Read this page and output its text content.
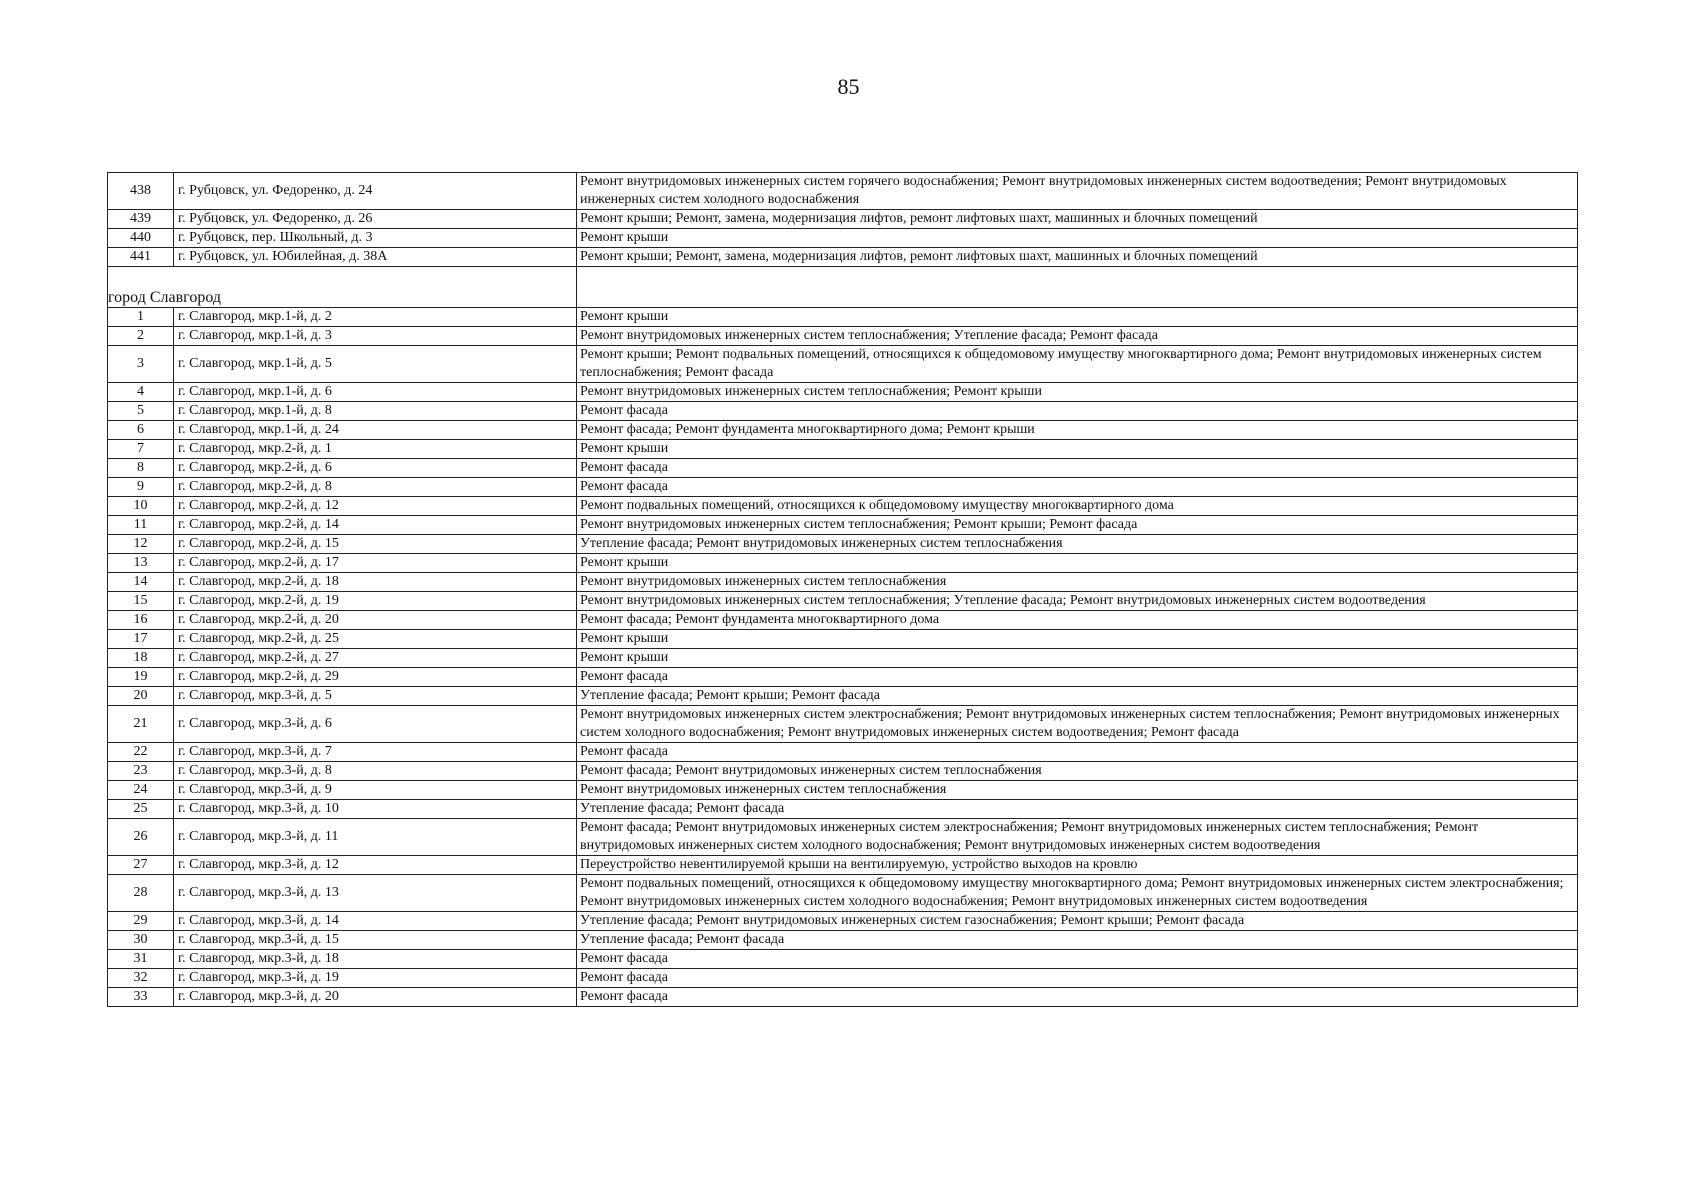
85
438	г. Рубцовск, ул. Федоренко, д. 24	Ремонт внутридомовых инженерных систем горячего водоснабжения; Ремонт внутридомовых инженерных систем водоотведения; Ремонт внутридомовых инженерных систем холодного водоснабжения
439	г. Рубцовск, ул. Федоренко, д. 26	Ремонт крыши; Ремонт, замена, модернизация лифтов, ремонт лифтовых шахт, машинных и блочных помещений
440	г. Рубцовск, пер. Школьный, д. 3	Ремонт крыши
441	г. Рубцовск, ул. Юбилейная, д. 38А	Ремонт крыши; Ремонт, замена, модернизация лифтов, ремонт лифтовых шахт, машинных и блочных помещений

город Славгород		
1	г. Славгород, мкр.1-й, д. 2	Ремонт крыши
2	г. Славгород, мкр.1-й, д. 3	Ремонт внутридомовых инженерных систем теплоснабжения; Утепление фасада; Ремонт фасада
3	г. Славгород, мкр.1-й, д. 5	Ремонт крыши; Ремонт подвальных помещений, относящихся к общедомовому имуществу многоквартирного дома; Ремонт внутридомовых инженерных систем теплоснабжения; Ремонт фасада
4	г. Славгород, мкр.1-й, д. 6	Ремонт внутридомовых инженерных систем теплоснабжения; Ремонт крыши
5	г. Славгород, мкр.1-й, д. 8	Ремонт фасада
6	г. Славгород, мкр.1-й, д. 24	Ремонт фасада; Ремонт фундамента многоквартирного дома; Ремонт крыши
7	г. Славгород, мкр.2-й, д. 1	Ремонт крыши
8	г. Славгород, мкр.2-й, д. 6	Ремонт фасада
9	г. Славгород, мкр.2-й, д. 8	Ремонт фасада
10	г. Славгород, мкр.2-й, д. 12	Ремонт подвальных помещений, относящихся к общедомовому имуществу многоквартирного дома
11	г. Славгород, мкр.2-й, д. 14	Ремонт внутридомовых инженерных систем теплоснабжения; Ремонт крыши; Ремонт фасада
12	г. Славгород, мкр.2-й, д. 15	Утепление фасада; Ремонт внутридомовых инженерных систем теплоснабжения
13	г. Славгород, мкр.2-й, д. 17	Ремонт крыши
14	г. Славгород, мкр.2-й, д. 18	Ремонт внутридомовых инженерных систем теплоснабжения
15	г. Славгород, мкр.2-й, д. 19	Ремонт внутридомовых инженерных систем теплоснабжения; Утепление фасада; Ремонт внутридомовых инженерных систем водоотведения
16	г. Славгород, мкр.2-й, д. 20	Ремонт фасада; Ремонт фундамента многоквартирного дома
17	г. Славгород, мкр.2-й, д. 25	Ремонт крыши
18	г. Славгород, мкр.2-й, д. 27	Ремонт крыши
19	г. Славгород, мкр.2-й, д. 29	Ремонт фасада
20	г. Славгород, мкр.3-й, д. 5	Утепление фасада; Ремонт крыши; Ремонт фасада
21	г. Славгород, мкр.3-й, д. 6	Ремонт внутридомовых инженерных систем электроснабжения; Ремонт внутридомовых инженерных систем теплоснабжения; Ремонт внутридомовых инженерных систем холодного водоснабжения; Ремонт внутридомовых инженерных систем водоотведения; Ремонт фасада
22	г. Славгород, мкр.3-й, д. 7	Ремонт фасада
23	г. Славгород, мкр.3-й, д. 8	Ремонт фасада; Ремонт внутридомовых инженерных систем теплоснабжения
24	г. Славгород, мкр.3-й, д. 9	Ремонт внутридомовых инженерных систем теплоснабжения
25	г. Славгород, мкр.3-й, д. 10	Утепление фасада; Ремонт фасада
26	г. Славгород, мкр.3-й, д. 11	Ремонт фасада; Ремонт внутридомовых инженерных систем электроснабжения; Ремонт внутридомовых инженерных систем теплоснабжения; Ремонт внутридомовых инженерных систем холодного водоснабжения; Ремонт внутридомовых инженерных систем водоотведения
27	г. Славгород, мкр.3-й, д. 12	Переустройство невентилируемой крыши на вентилируемую, устройство выходов на кровлю
28	г. Славгород, мкр.3-й, д. 13	Ремонт подвальных помещений, относящихся к общедомовому имуществу многоквартирного дома; Ремонт внутридомовых инженерных систем электроснабжения; Ремонт внутридомовых инженерных систем холодного водоснабжения; Ремонт внутридомовых инженерных систем водоотведения
29	г. Славгород, мкр.3-й, д. 14	Утепление фасада; Ремонт внутридомовых инженерных систем газоснабжения; Ремонт крыши; Ремонт фасада
30	г. Славгород, мкр.3-й, д. 15	Утепление фасада; Ремонт фасада
31	г. Славгород, мкр.3-й, д. 18	Ремонт фасада
32	г. Славгород, мкр.3-й, д. 19	Ремонт фасада
33	г. Славгород, мкр.3-й, д. 20	Ремонт фасада
